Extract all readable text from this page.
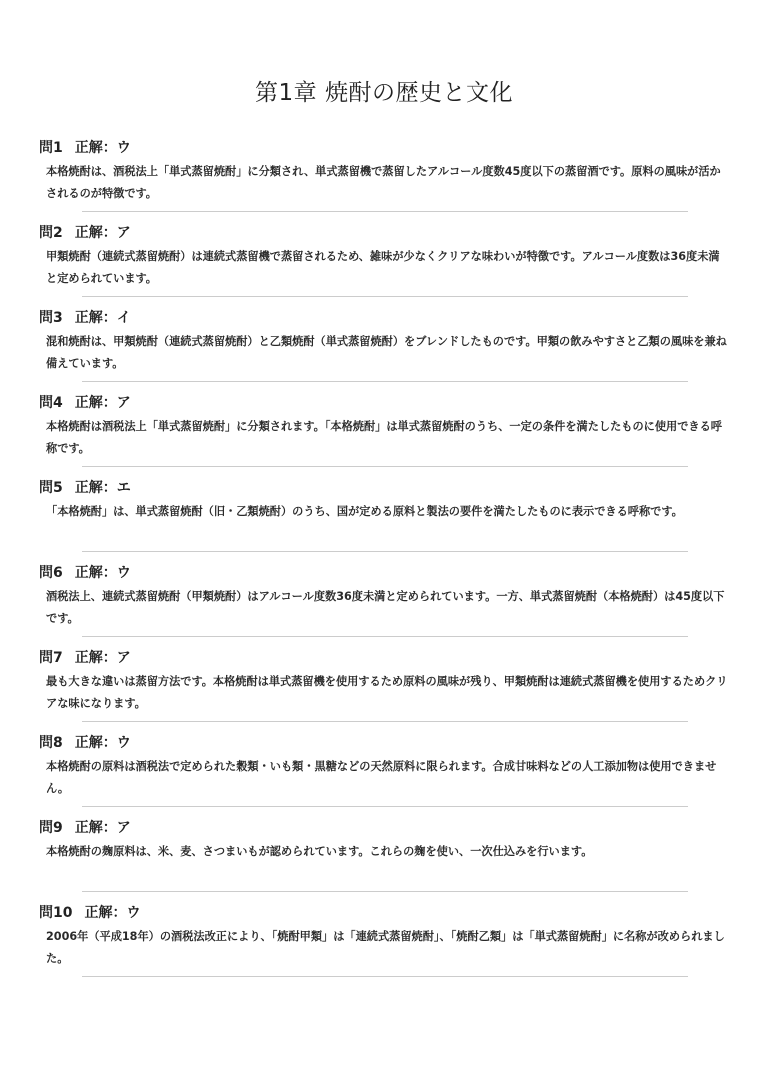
第1章 焼酎の歴史と文化
問1 正解：ウ
本格焼酎は、酒税法上「単式蒸留焼酎」に分類され、単式蒸留機で蒸留したアルコール度数45度以下の蒸留酒です。原料の風味が活かされるのが特徴です。
問2 正解：ア
甲類焼酎（連続式蒸留焼酎）は連続式蒸留機で蒸留されるため、雑味が少なくクリアな味わいが特徴です。アルコール度数は36度未満と定められています。
問3 正解：イ
混和焼酎は、甲類焼酎（連続式蒸留焼酎）と乙類焼酎（単式蒸留焼酎）をブレンドしたものです。甲類の飲みやすさと乙類の風味を兼ね備えています。
問4 正解：ア
本格焼酎は酒税法上「単式蒸留焼酎」に分類されます。「本格焼酎」は単式蒸留焼酎のうち、一定の条件を満たしたものに使用できる呼称です。
問5 正解：エ
「本格焼酎」は、単式蒸留焼酎（旧・乙類焼酎）のうち、国が定める原料と製法の要件を満たしたものに表示できる呼称です。
問6 正解：ウ
酒税法上、連続式蒸留焼酎（甲類焼酎）はアルコール度数36度未満と定められています。一方、単式蒸留焼酎（本格焼酎）は45度以下です。
問7 正解：ア
最も大きな違いは蒸留方法です。本格焼酎は単式蒸留機を使用するため原料の風味が残り、甲類焼酎は連続式蒸留機を使用するためクリアな味になります。
問8 正解：ウ
本格焼酎の原料は酒税法で定められた穀類・いも類・黒糖などの天然原料に限られます。合成甘味料などの人工添加物は使用できません。
問9 正解：ア
本格焼酎の麹原料は、米、麦、さつまいもが認められています。これらの麹を使い、一次仕込みを行います。
問10 正解：ウ
2006年（平成18年）の酒税法改正により、「焼酎甲類」は「連続式蒸留焼酎」、「焼酎乙類」は「単式蒸留焼酎」に名称が改められました。
